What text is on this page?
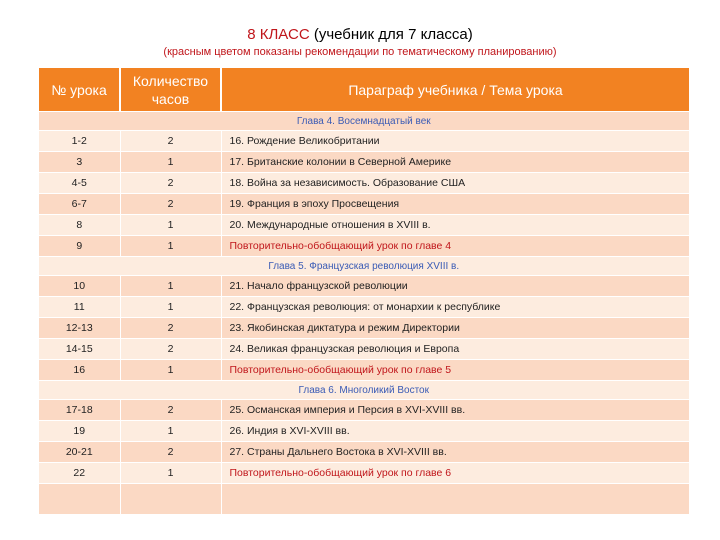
8 КЛАСС (учебник для 7 класса)
(красным цветом показаны рекомендации по тематическому планированию)
№ урока	Количество часов	Параграф учебника / Тема урока
Глава 4. Восемнадцатый век		
1-2	2	16. Рождение Великобритании
3	1	17. Британские колонии в Северной Америке
4-5	2	18. Война за независимость. Образование США
6-7	2	19. Франция в эпоху Просвещения
8	1	20. Международные отношения в XVIII в.
9	1	Повторительно-обобщающий урок по главе 4
Глава 5. Французская революция XVIII в.		
10	1	21. Начало французской революции
11	1	22. Французская революция: от монархии к республике
12-13	2	23. Якобинская диктатура и режим Директории
14-15	2	24. Великая французская революция и Европа
16	1	Повторительно-обобщающий урок по главе 5
Глава 6. Многоликий Восток		
17-18	2	25. Османская империя и Персия в XVI-XVIII вв.
19	1	26. Индия в XVI-XVIII вв.
20-21	2	27. Страны Дальнего Востока в XVI-XVIII вв.
22	1	Повторительно-обобщающий урок по главе 6
